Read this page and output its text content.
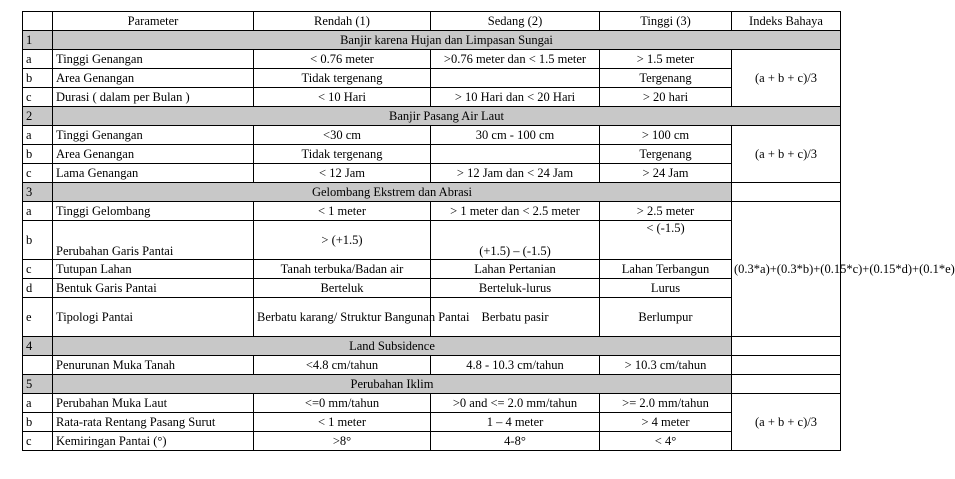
	Parameter	Rendah (1)	Sedang (2)	Tinggi (3)	Indeks Bahaya
1	Banjir karena Hujan dan Limpasan Sungai				
a	Tinggi Genangan	< 0.76 meter	>0.76 meter dan < 1.5 meter	> 1.5 meter	(a + b + c)/3
b	Area Genangan	Tidak tergenang		Tergenang	
c	Durasi ( dalam per Bulan )	< 10 Hari	> 10 Hari dan < 20 Hari	> 20 hari	
2	Banjir Pasang Air Laut				
a	Tinggi Genangan	<30 cm	30 cm - 100 cm	> 100 cm	(a + b + c)/3
b	Area Genangan	Tidak tergenang		Tergenang	
c	Lama Genangan	< 12 Jam	> 12 Jam dan < 24 Jam	> 24 Jam	
3	Gelombang Ekstrem dan Abrasi				
a	Tinggi Gelombang	< 1 meter	> 1 meter dan < 2.5 meter	> 2.5 meter	(0.3*a)+(0.3*b)+(0.15*c)+(0.15*d)+(0.1*e)
b	Perubahan Garis Pantai	> (+1.5)	(+1.5) – (-1.5)	< (-1.5)	
c	Tutupan Lahan	Tanah terbuka/Badan air	Lahan Pertanian	Lahan Terbangun	
d	Bentuk Garis Pantai	Berteluk	Berteluk-lurus	Lurus	
e	Tipologi Pantai	Berbatu karang/ Struktur Bangunan Pantai	Berbatu pasir	Berlumpur	
4	Land Subsidence				
	Penurunan Muka Tanah	<4.8 cm/tahun	4.8 - 10.3 cm/tahun	> 10.3 cm/tahun	
5	Perubahan Iklim				
a	Perubahan Muka Laut	<=0 mm/tahun	>0 and <= 2.0 mm/tahun	>= 2.0 mm/tahun	(a + b + c)/3
b	Rata-rata Rentang Pasang Surut	< 1 meter	1 – 4 meter	> 4 meter	
c	Kemiringan Pantai (°)	>8°	4-8°	< 4°	
